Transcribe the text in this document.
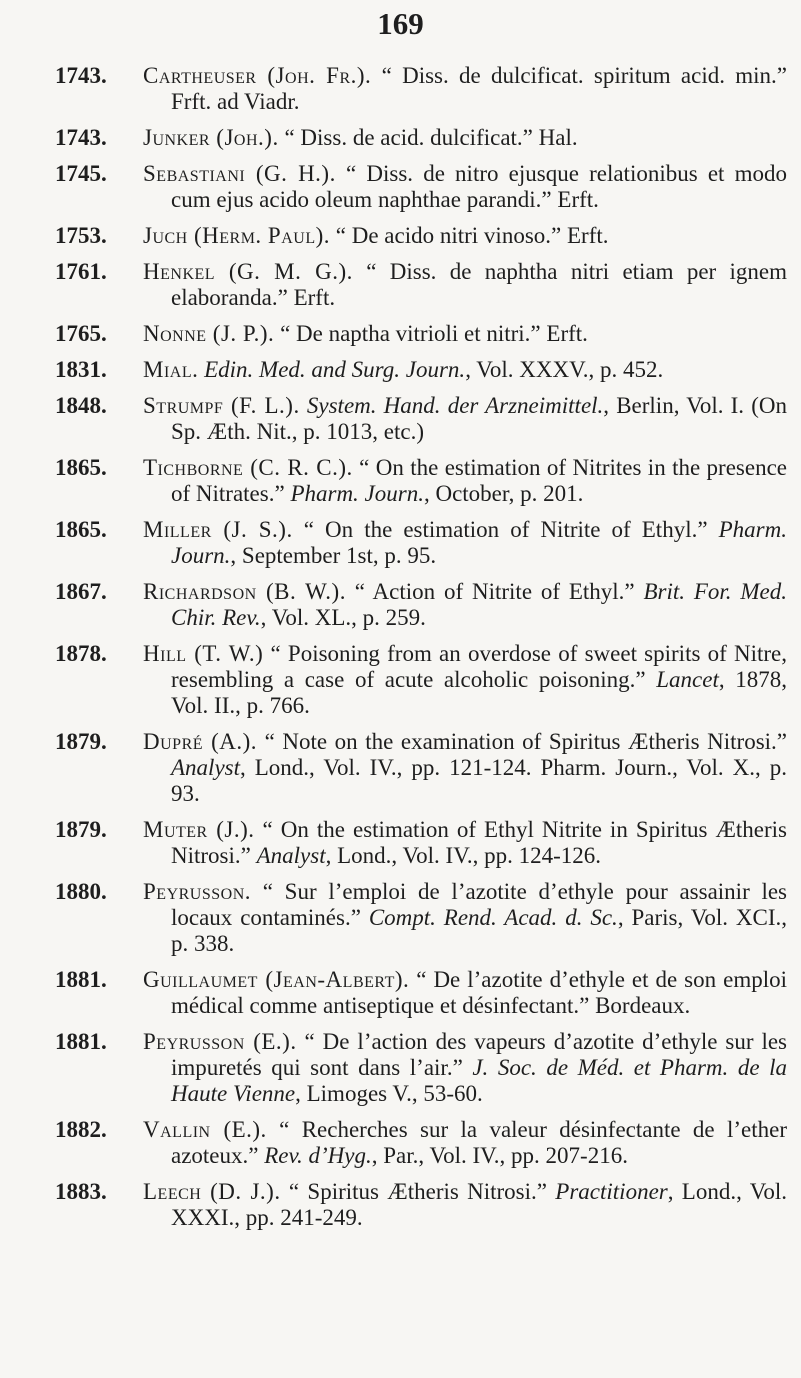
169
1743.	Cartheuser (Joh. Fr.). “ Diss. de dulcificat. spiritum acid. min.” Frft. ad Viadr.
1743.	Junker (Joh.). “ Diss. de acid. dulcificat.” Hal.
1745.	Sebastiani (G. H.). “ Diss. de nitro ejusque relationibus et modo cum ejus acido oleum naphthae parandi.” Erft.
1753.	Juch (Herm. Paul). “ De acido nitri vinoso.” Erft.
1761.	Henkel (G. M. G.). “ Diss. de naphtha nitri etiam per ignem elaboranda.” Erft.
1765.	Nonne (J. P.). “ De naptha vitrioli et nitri.” Erft.
1831.	Mial. Edin. Med. and Surg. Journ., Vol. XXXV., p. 452.
1848.	Strumpf (F. L.). System. Hand. der Arzneimittel., Berlin, Vol. I. (On Sp. Æth. Nit., p. 1013, etc.)
1865.	Tichborne (C. R. C.). “ On the estimation of Nitrites in the presence of Nitrates.” Pharm. Journ., October, p. 201.
1865.	Miller (J. S.). “ On the estimation of Nitrite of Ethyl.” Pharm. Journ., September 1st, p. 95.
1867.	Richardson (B. W.). “ Action of Nitrite of Ethyl.” Brit. For. Med. Chir. Rev., Vol. XL., p. 259.
1878.	Hill (T. W.) “ Poisoning from an overdose of sweet spirits of Nitre, resembling a case of acute alcoholic poisoning.” Lancet, 1878, Vol. II., p. 766.
1879.	Dupré (A.). “ Note on the examination of Spiritus Ætheris Nitrosi.” Analyst, Lond., Vol. IV., pp. 121-124. Pharm. Journ., Vol. X., p. 93.
1879.	Muter (J.). “ On the estimation of Ethyl Nitrite in Spiritus Ætheris Nitrosi.” Analyst, Lond., Vol. IV., pp. 124-126.
1880.	Peyrusson. “ Sur l’emploi de l’azotite d’ethyle pour assainir les locaux contaminés.” Compt. Rend. Acad. d. Sc., Paris, Vol. XCI., p. 338.
1881.	Guillaumet (Jean-Albert). “ De l’azotite d’ethyle et de son emploi médical comme antiseptique et désinfectant.” Bordeaux.
1881.	Peyrusson (E.). “ De l’action des vapeurs d’azotite d’ethyle sur les impuretés qui sont dans l’air.” J. Soc. de Méd. et Pharm. de la Haute Vienne, Limoges V., 53-60.
1882.	Vallin (E.). “ Recherches sur la valeur désinfectante de l’ether azoteux.” Rev. d’Hyg., Par., Vol. IV., pp. 207-216.
1883.	Leech (D. J.). “ Spiritus Ætheris Nitrosi.” Practitioner, Lond., Vol. XXXI., pp. 241-249.
